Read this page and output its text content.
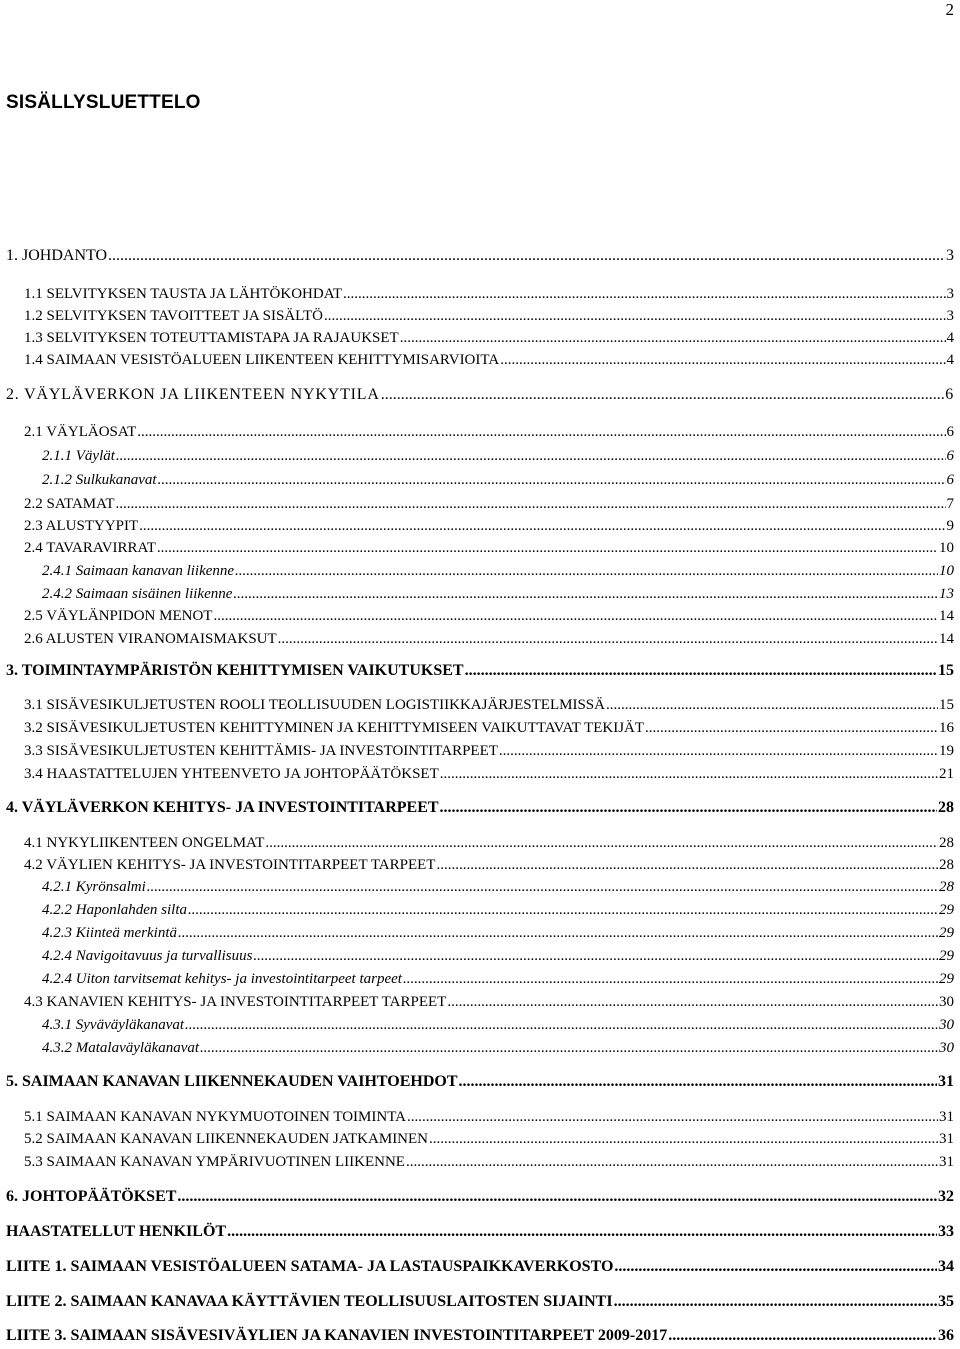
2
SISÄLLYSLUETTELO
1. JOHDANTO .....	3
1.1 SELVITYKSEN TAUSTA JA LÄHTÖKOHDAT .....	3
1.2 SELVITYKSEN TAVOITTEET JA SISÄLTÖ .....	3
1.3 SELVITYKSEN TOTEUTTAMISTAPA JA RAJAUKSET .....	4
1.4 SAIMAAN VESISTÖALUEEN LIIKENTEEN KEHITTYMISARVIOITA .....	4
2. VÄYLÄVERKON JA LIIKENTEEN NYKYTILA .....	6
2.1 VÄYLÄOSAT .....	6
2.1.1 Väylät .....	6
2.1.2 Sulkukanavat .....	6
2.2 SATAMAT .....	7
2.3 ALUSTYYPIT .....	9
2.4 TAVARAVIRRAT .....	10
2.4.1 Saimaan kanavan liikenne .....	10
2.4.2 Saimaan sisäinen liikenne .....	13
2.5 VÄYLÄNPIDON MENOT .....	14
2.6 ALUSTEN VIRANOMAISMAKSUT .....	14
3. TOIMINTAYMPÄRISTÖN KEHITTYMISEN VAIKUTUKSET .....	15
3.1 SISÄVESIKULJETUSTEN ROOLI TEOLLISUUDEN LOGISTIIKKAJÄRJESTELMISSÄ .....	15
3.2 SISÄVESIKULJETUSTEN KEHITTYMINEN JA KEHITTYMISEEN VAIKUTTAVAT TEKIJÄT .....	16
3.3 SISÄVESIKULJETUSTEN KEHITTÄMIS- JA INVESTOINTITARPEET .....	19
3.4 HAASTATTELUJEN YHTEENVETO JA JOHTOPÄÄTÖKSET .....	21
4. VÄYLÄVERKON KEHITYS- JA INVESTOINTITARPEET .....	28
4.1 NYKYLIIKENTEEN ONGELMAT .....	28
4.2 VÄYLIEN KEHITYS- JA INVESTOINTITARPEET TARPEET .....	28
4.2.1 Kyrönsalmi .....	28
4.2.2 Haponlahden silta .....	29
4.2.3 Kiinteä merkintä .....	29
4.2.4 Navigoitavuus ja turvallisuus .....	29
4.2.4 Uiton tarvitsemat kehitys- ja investointitarpeet tarpeet .....	29
4.3 KANAVIEN KEHITYS- JA INVESTOINTITARPEET TARPEET .....	30
4.3.1 Syväväyläkanavat .....	30
4.3.2 Matalaväyläkanavat .....	30
5. SAIMAAN KANAVAN LIIKENNEKAUDEN VAIHTOEHDOT .....	31
5.1 SAIMAAN KANAVAN NYKYMUOTOINEN TOIMINTA .....	31
5.2 SAIMAAN KANAVAN LIIKENNEKAUDEN JATKAMINEN .....	31
5.3 SAIMAAN KANAVAN YMPÄRIVUOTINEN LIIKENNE .....	31
6. JOHTOPÄÄTÖKSET .....	32
HAASTATELLUT HENKILÖT .....	33
LIITE 1. SAIMAAN VESISTÖALUEEN SATAMA- JA LASTAUSPAIKKAVERKOSTO .....	34
LIITE 2. SAIMAAN KANAVAA KÄYTTÄVIEN TEOLLISUUSLAITOSTEN SIJAINTI .....	35
LIITE 3. SAIMAAN SISÄVESIVÄYLIEN JA KANAVIEN INVESTOINTITARPEET 2009-2017 .....	36
